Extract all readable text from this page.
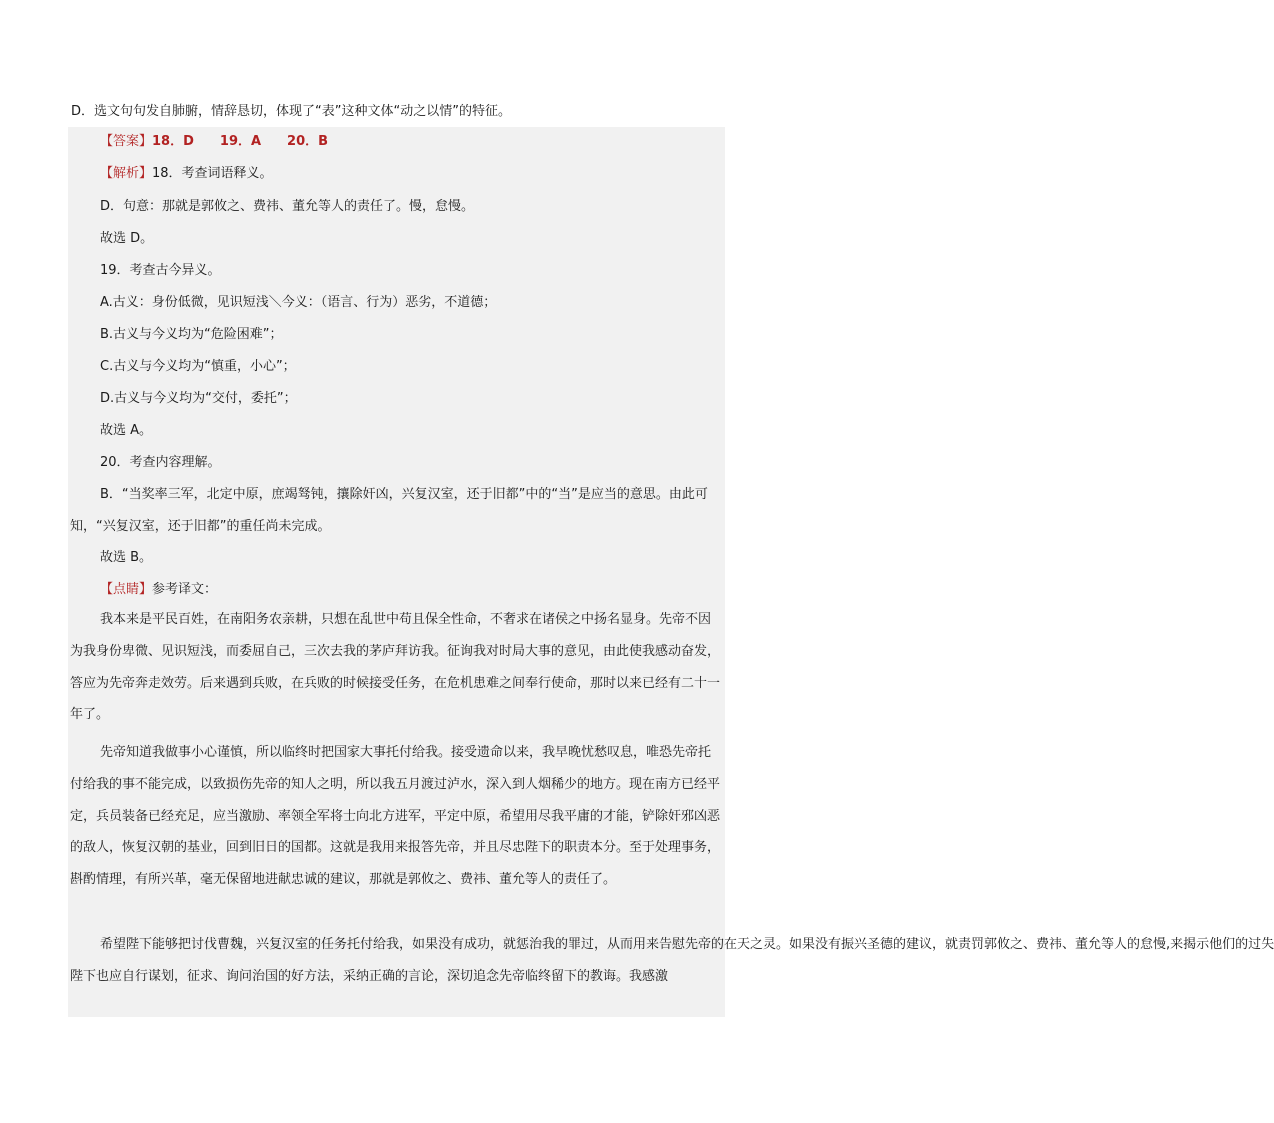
D．选文句句发自肺腑，情辞恳切，体现了“表”这种文体“动之以情”的特征。
【答案】18．D　　19．A　　20．B
【解析】18．考查词语释义。
D．句意：那就是郭攸之、费祎、董允等人的责任了。慢，怠慢。
故选 D。
19．考查古今异义。
A.古义：身份低微，见识短浅＼今义：（语言、行为）恶劣，不道德；
B.古义与今义均为“危险困难”；
C.古义与今义均为“慎重，小心”；
D.古义与今义均为“交付，委托”；
故选 A。
20．考查内容理解。
B．“当奖率三军，北定中原，庶竭驽钝，攘除奸凶，兴复汉室，还于旧都”中的“当”是应当的意思。由此可知，“兴复汉室，还于旧都”的重任尚未完成。
故选 B。
【点睛】参考译文：
我本来是平民百姓，在南阳务农亲耕，只想在乱世中苟且保全性命，不奢求在诸侯之中扬名显身。先帝不因为我身份卑微、见识短浅，而委屈自己，三次去我的茅庐拜访我。征询我对时局大事的意见，由此使我感动奋发，答应为先帝奔走效劳。后来遇到兵败，在兵败的时候接受任务，在危机患难之间奉行使命，那时以来已经有二十一年了。
先帝知道我做事小心谨慎，所以临终时把国家大事托付给我。接受遗命以来，我早晚忧愁叹息，唯恐先帝托付给我的事不能完成，以致损伤先帝的知人之明，所以我五月渡过泸水，深入到人烟稀少的地方。现在南方已经平定，兵员装备已经充足，应当激励、率领全军将士向北方进军，平定中原，希望用尽我平庸的才能，铲除奸邪凶恶的敌人，恢复汉朝的基业，回到旧日的国都。这就是我用来报答先帝，并且尽忠陛下的职责本分。至于处理事务，斟酌情理，有所兴革，毫无保留地进献忠诚的建议，那就是郭攸之、费祎、董允等人的责任了。
希望陛下能够把讨伐曹魏，兴复汉室的任务托付给我，如果没有成功，就惩治我的罪过，从而用来告慰先帝的在天之灵。如果没有振兴圣德的建议，就责罚郭攸之、费祎、董允等人的怠慢,来揭示他们的过失
陛下也应自行谋划，征求、询问治国的好方法，采纳正确的言论，深切追念先帝临终留下的教诲。我感激
